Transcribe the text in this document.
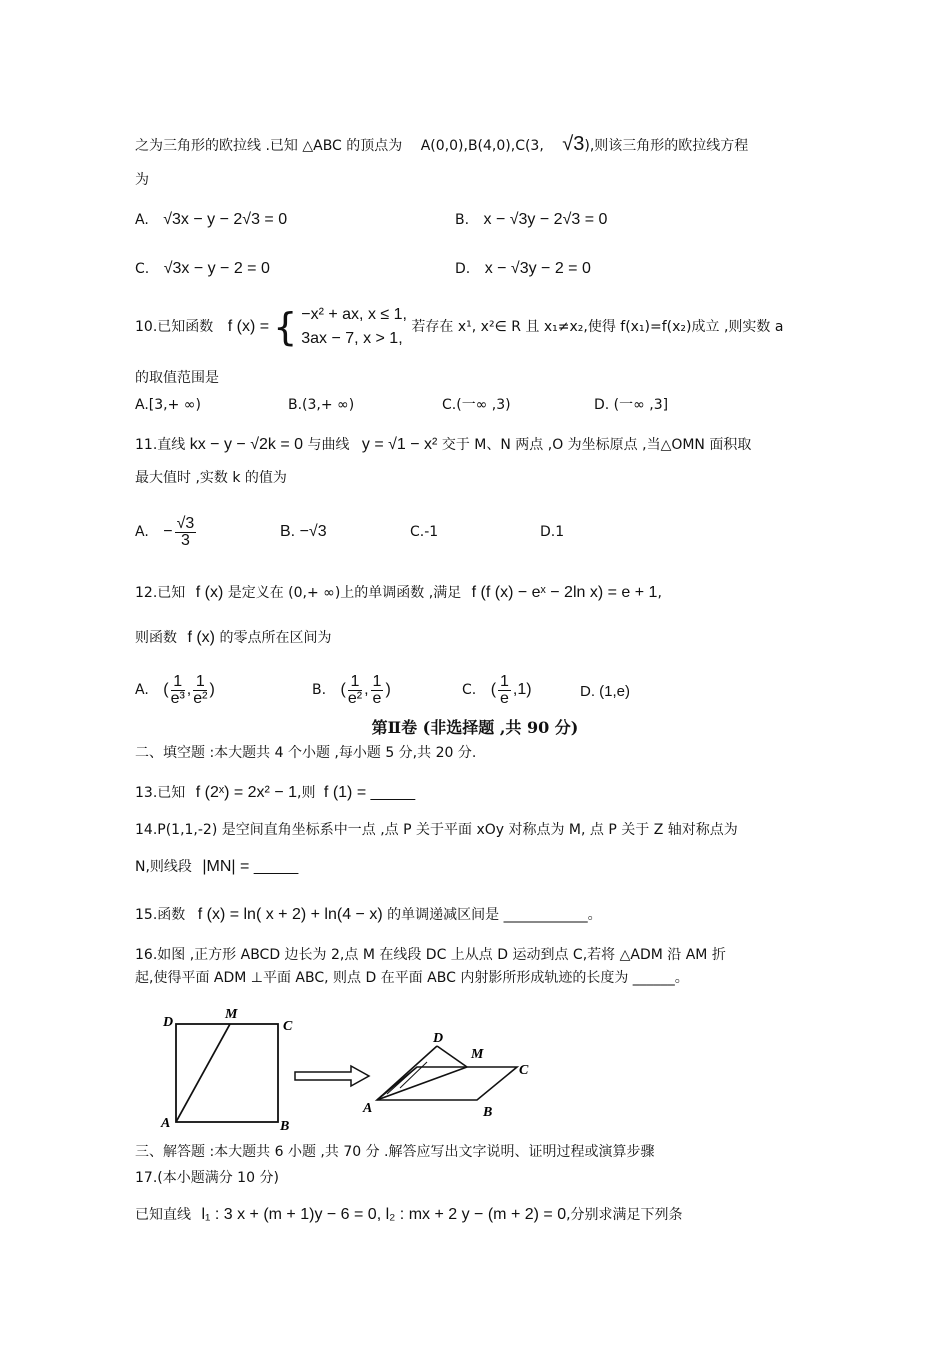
之为三角形的欧拉线 .已知 △ABC 的顶点为 A(0,0),B(4,0),C(3, √3),则该三角形的欧拉线方程
为
A. √3x − y − 2√3 = 0	B. x − √3y − 2√3 = 0
C. √3x − y − 2 = 0	D. x − √3y − 2 = 0
10.已知函数 f (x) = { −x² + ax, x ≤ 1,
3ax − 7, x > 1,
若存在 x¹, x²∈ R 且 x₁≠x₂,使得 f(x₁)=f(x₂)成立 ,则实数 a
的取值范围是
A.[3,+ ∞)	B.(3,+ ∞)	C.(一∞ ,3)	D. (一∞ ,3]
11.直线 kx − y − √2k = 0 与曲线 y = √1 − x² 交于 M、N 两点 ,O 为坐标原点 ,当△OMN 面积取
最大值时 ,实数 k 的值为
A. − $\frac{√3}{3}$	B. −√3	C.-1	D.1
12.已知 f (x) 是定义在 (0,+ ∞)上的单调函数 ,满足 f (f (x) − eˣ − 2ln x) = e + 1,
则函数 f (x) 的零点所在区间为
A. ( $\frac{1}{\text{e³}}$ , $\frac{1}{\text{e²}}$ )	B. ( $\frac{1}{\text{e²}}$ , $\frac{1}{e}$ )	C. ( $\frac{1}{e} ,1$)	D. (1,e)
第Ⅱ卷 (非选择题 ,共 90 分)
二、填空题 :本大题共 4 个小题 ,每小题 5 分,共 20 分.
13.已知 f (2ˣ) = 2x² − 1,则 f (1) = _____
14.P(1,1,-2) 是空间直角坐标系中一点 ,点 P 关于平面 xOy 对称点为 M, 点 P 关于 Z 轴对称点为
N,则线段 |MN| = _____
15.函数 f (x) = ln( x + 2) + ln(4 − x) 的单调递减区间是 ____________。
16.如图 ,正方形 ABCD 边长为 2,点 M 在线段 DC 上从点 D 运动到点 C,若将 △ADM 沿 AM 折
起,使得平面 ADM ⊥平面 ABC, 则点 D 在平面 ABC 内射影所形成轨迹的长度为 ______。
D
M
C
A	B
D
M
C
A	B
三、解答题 :本大题共 6 小题 ,共 70 分 .解答应写出文字说明、证明过程或演算步骤
17.(本小题满分 10 分)
已知直线 l₁ : 3 x + (m + 1)y − 6 = 0, l₂ : mx + 2 y − (m + 2) = 0,分别求满足下列条
